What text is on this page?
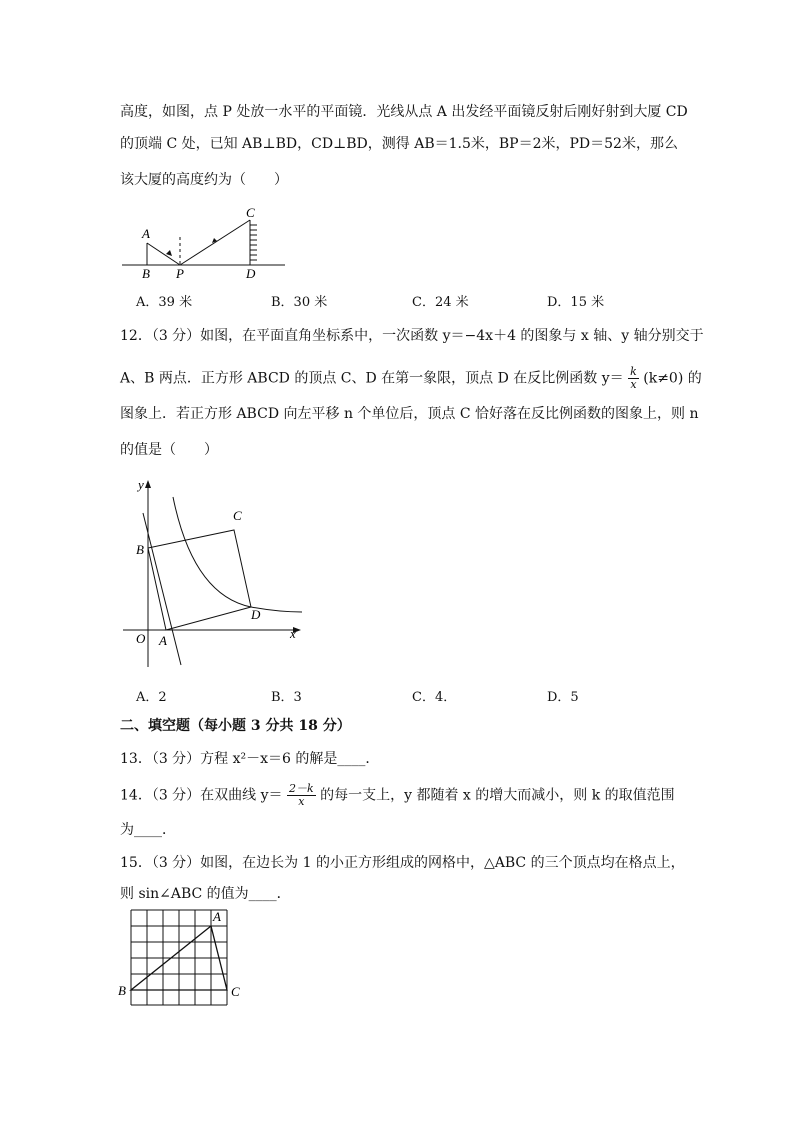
高度，如图，点 P 处放一水平的平面镜．光线从点 A 出发经平面镜反射后刚好射到大厦 CD
的顶端 C 处，已知 AB⊥BD，CD⊥BD，测得 AB＝1.5米，BP＝2米，PD＝52米，那么
该大厦的高度约为（　　）
A
B P
C
D
A．39 米	B．30 米	C．24 米	D．15 米
12．（3 分）如图，在平面直角坐标系中，一次函数 y＝−4x＋4 的图象与 x 轴、y 轴分别交于
A、B 两点．正方形 ABCD 的顶点 C、D 在第一象限，顶点 D 在反比例函数 $y= \frac{k}{x} (k\ne 0)$ 的
图象上．若正方形 ABCD 向左平移 n 个单位后，顶点 C 恰好落在反比例函数的图象上，则 n
的值是（　　）
y
x
O A
B
C
D
A．2	B．3	C．4．	D．5
二、填空题（每小题 3 分共 18 分）
13．（3 分）方程 x²－x＝6 的解是____．
14．（3 分）在双曲线 $y= \frac{2-k}{x}$ 的每一支上，y 都随着 x 的增大而减小，则 k 的取值范围
为____．
15．（3 分）如图，在边长为 1 的小正方形组成的网格中，△ABC 的三个顶点均在格点上，
则 sin∠ABC 的值为____．
A
B	C
